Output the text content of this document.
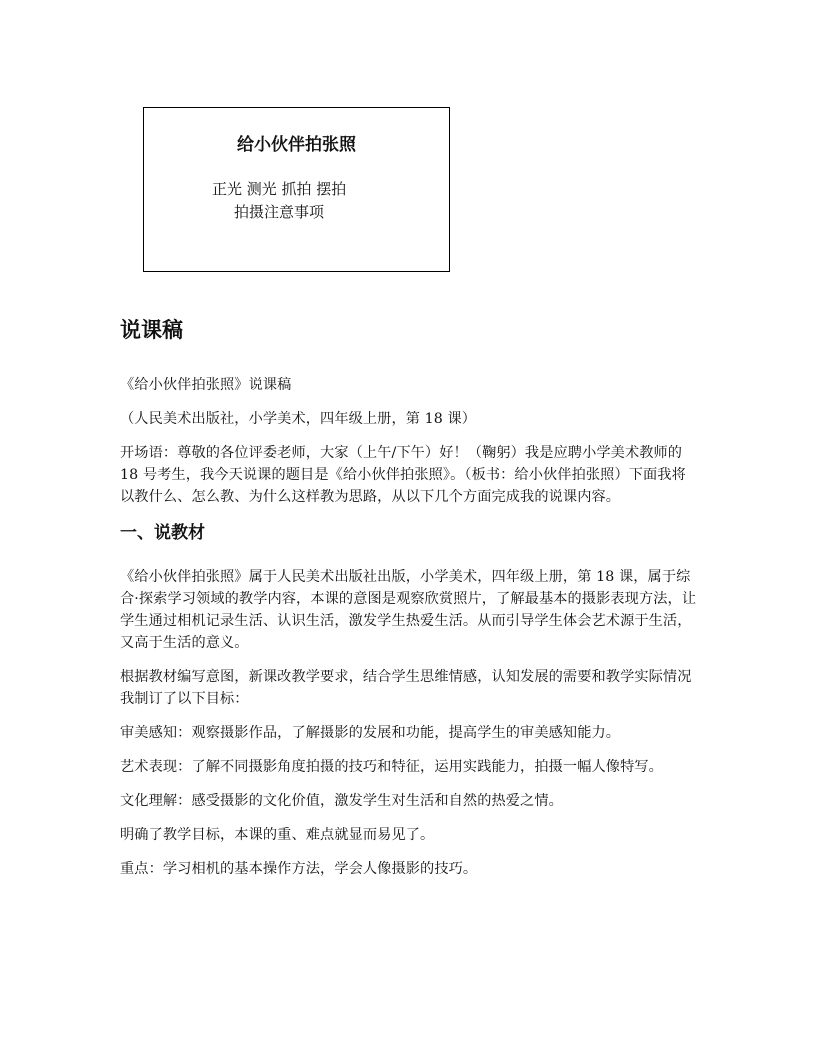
给小伙伴拍张照
正光 测光 抓拍 摆拍
拍摄注意事项
说课稿

《给小伙伴拍张照》说课稿

（人民美术出版社，小学美术，四年级上册，第 18 课）

开场语：尊敬的各位评委老师，大家（上午/下午）好！（鞠躬）我是应聘小学美术教师的 18 号考生，我今天说课的题目是《给小伙伴拍张照》。（板书：给小伙伴拍张照）下面我将以教什么、怎么教、为什么这样教为思路，从以下几个方面完成我的说课内容。

一、说教材

《给小伙伴拍张照》属于人民美术出版社出版，小学美术，四年级上册，第 18 课，属于综合·探索学习领域的教学内容，本课的意图是观察欣赏照片，了解最基本的摄影表现方法，让学生通过相机记录生活、认识生活，激发学生热爱生活。从而引导学生体会艺术源于生活，又高于生活的意义。

根据教材编写意图，新课改教学要求，结合学生思维情感，认知发展的需要和教学实际情况我制订了以下目标：

审美感知：观察摄影作品，了解摄影的发展和功能，提高学生的审美感知能力。

艺术表现：了解不同摄影角度拍摄的技巧和特征，运用实践能力，拍摄一幅人像特写。

文化理解：感受摄影的文化价值，激发学生对生活和自然的热爱之情。

明确了教学目标，本课的重、难点就显而易见了。

重点：学习相机的基本操作方法，学会人像摄影的技巧。
